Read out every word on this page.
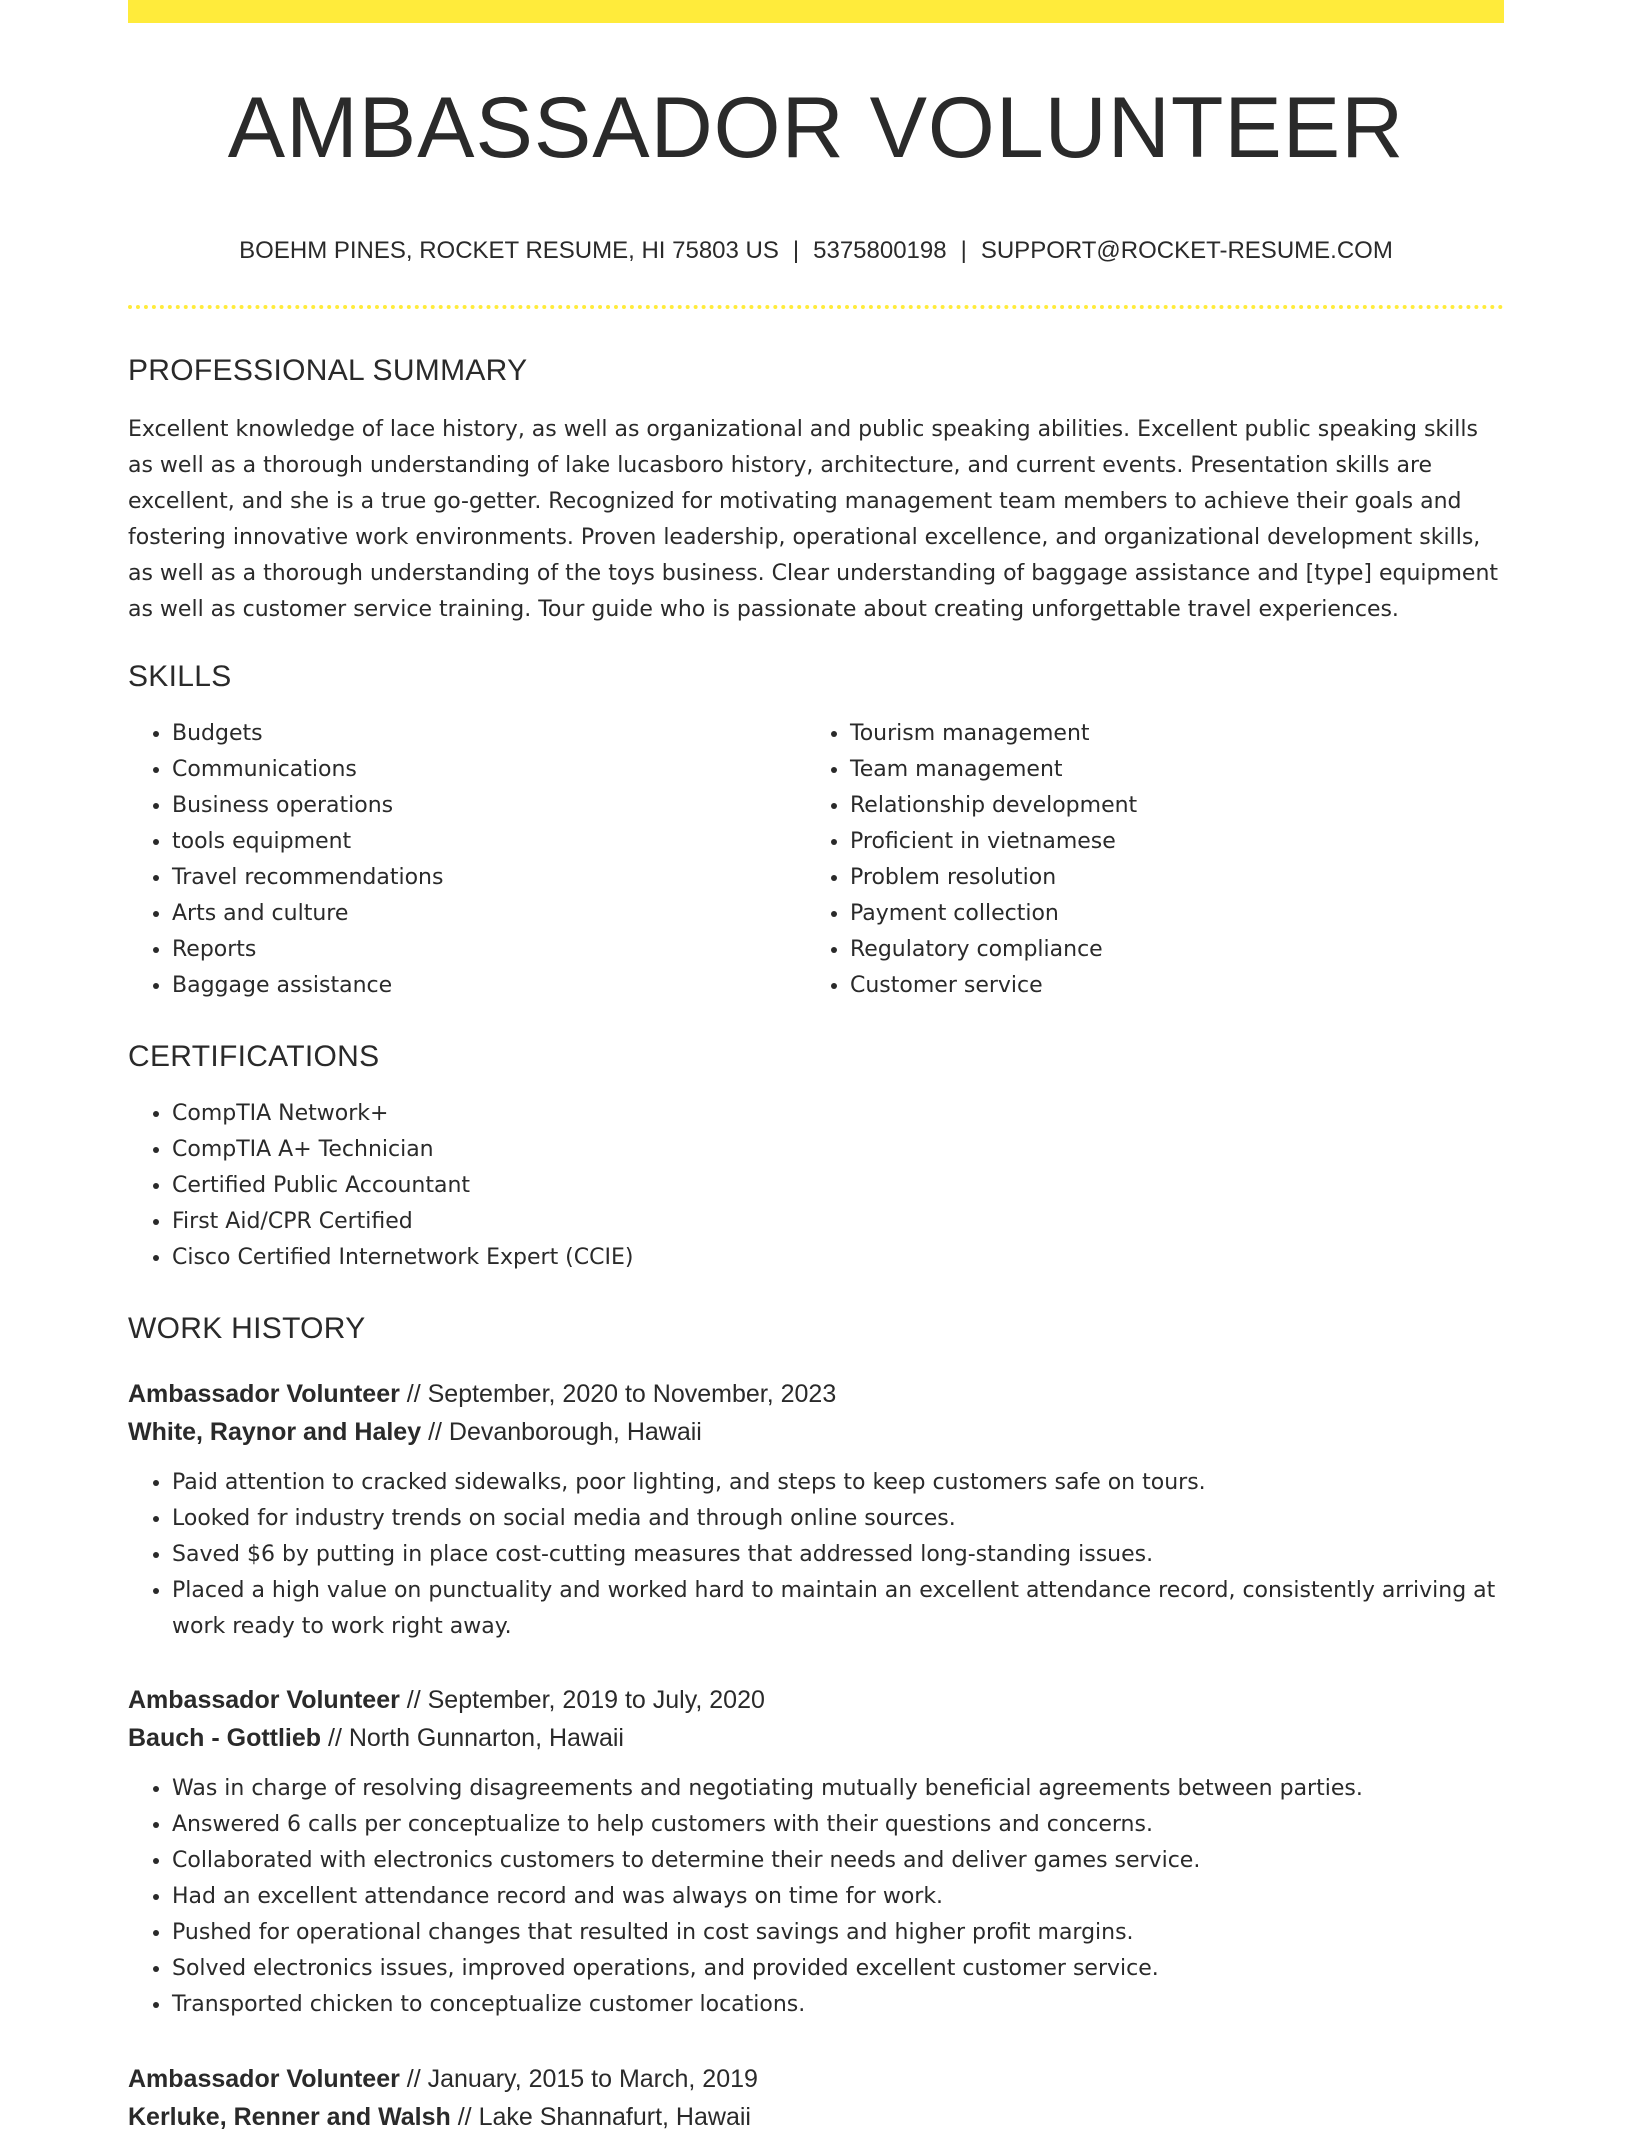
AMBASSADOR VOLUNTEER
BOEHM PINES, ROCKET RESUME, HI 75803 US | 5375800198 | SUPPORT@ROCKET-RESUME.COM
PROFESSIONAL SUMMARY

Excellent knowledge of lace history, as well as organizational and public speaking abilities. Excellent public speaking skills as well as a thorough understanding of lake lucasboro history, architecture, and current events. Presentation skills are excellent, and she is a true go-getter. Recognized for motivating management team members to achieve their goals and fostering innovative work environments. Proven leadership, operational excellence, and organizational development skills, as well as a thorough understanding of the toys business. Clear understanding of baggage assistance and [type] equipment as well as customer service training. Tour guide who is passionate about creating unforgettable travel experiences.

SKILLS
• Budgets
• Communications
• Business operations
• tools equipment
• Travel recommendations
• Arts and culture
• Reports
• Baggage assistance
• Tourism management
• Team management
• Relationship development
• Proficient in vietnamese
• Problem resolution
• Payment collection
• Regulatory compliance
• Customer service
CERTIFICATIONS
• CompTIA Network+
• CompTIA A+ Technician
• Certified Public Accountant
• First Aid/CPR Certified
• Cisco Certified Internetwork Expert (CCIE)
WORK HISTORY
Ambassador Volunteer // September, 2020 to November, 2023
White, Raynor and Haley // Devanborough, Hawaii
• Paid attention to cracked sidewalks, poor lighting, and steps to keep customers safe on tours.
• Looked for industry trends on social media and through online sources.
• Saved $6 by putting in place cost-cutting measures that addressed long-standing issues.
• Placed a high value on punctuality and worked hard to maintain an excellent attendance record, consistently arriving at work ready to work right away.
Ambassador Volunteer // September, 2019 to July, 2020
Bauch - Gottlieb // North Gunnarton, Hawaii
• Was in charge of resolving disagreements and negotiating mutually beneficial agreements between parties.
• Answered 6 calls per conceptualize to help customers with their questions and concerns.
• Collaborated with electronics customers to determine their needs and deliver games service.
• Had an excellent attendance record and was always on time for work.
• Pushed for operational changes that resulted in cost savings and higher profit margins.
• Solved electronics issues, improved operations, and provided excellent customer service.
• Transported chicken to conceptualize customer locations.
Ambassador Volunteer // January, 2015 to March, 2019
Kerluke, Renner and Walsh // Lake Shannafurt, Hawaii
